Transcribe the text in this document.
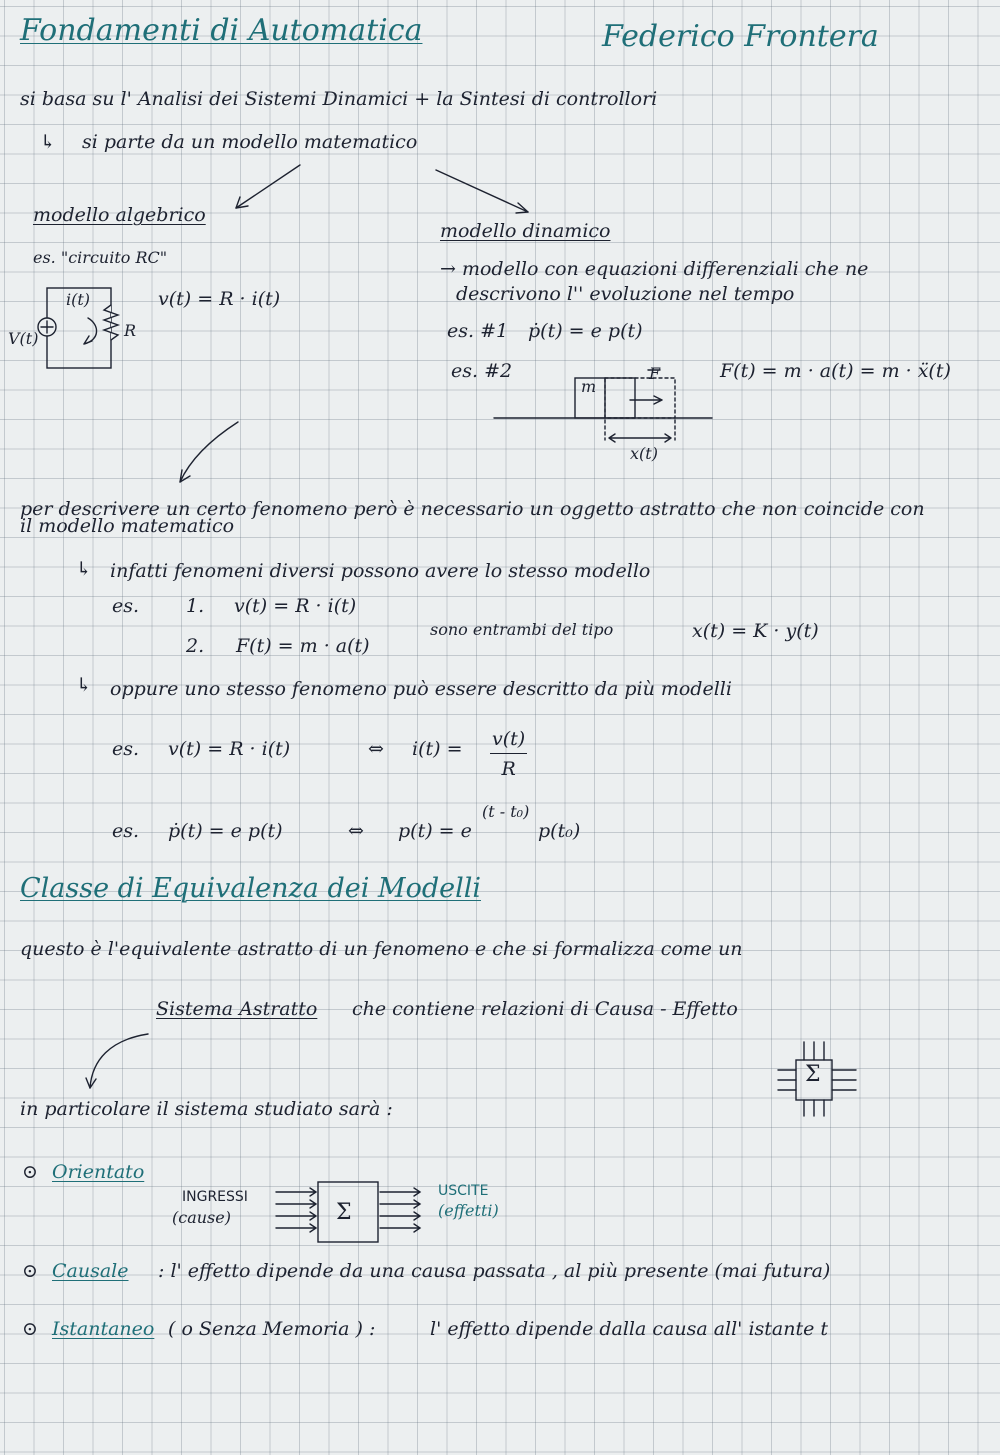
Fondamenti di Automatica	Federico Frontera
si basa su l' Analisi dei Sistemi Dinamici + la Sintesi di controllori
↳ si parte da un modello matematico
modello algebrico
es. "circuito RC"
v(t) = R · i(t)
i(t)
V(t)	R
modello dinamico
→ modello con equazioni differenziali che ne
descrivono l'' evoluzione nel tempo
es. #1 ṗ(t) = e p(t)
es. #2	F(t) = m · a(t) = m · ẍ(t)
m
F
x(t)
per descrivere un certo fenomeno però è necessario un oggetto astratto che non coincide con
il modello matematico
↳ infatti fenomeni diversi possono avere lo stesso modello
es. 1. v(t) = R · i(t)
2. F(t) = m · a(t)
sono entrambi del tipo	x(t) = K · y(t)
↳ oppure uno stesso fenomeno può essere descritto da più modelli
es. v(t) = R · i(t)	⇔ $i(t) = \frac{v(t)}{R}$
es. ṗ(t) = e p(t)	⇔ p(t) = e
(t - t₀)
p(t₀)
Classe di Equivalenza dei Modelli
questo è l'equivalente astratto di un fenomeno e che si formalizza come un
Sistema Astratto che contiene relazioni di Causa - Effetto
Σ
in particolare il sistema studiato sarà :
⊙ Orientato
INGRESSI
(cause)	Σ
USCITE
(effetti)
⊙ Causale : l' effetto dipende da una causa passata , al più presente (mai futura)
⊙ Istantaneo ( o Senza Memoria ) :	l' effetto dipende dalla causa all' istante t
